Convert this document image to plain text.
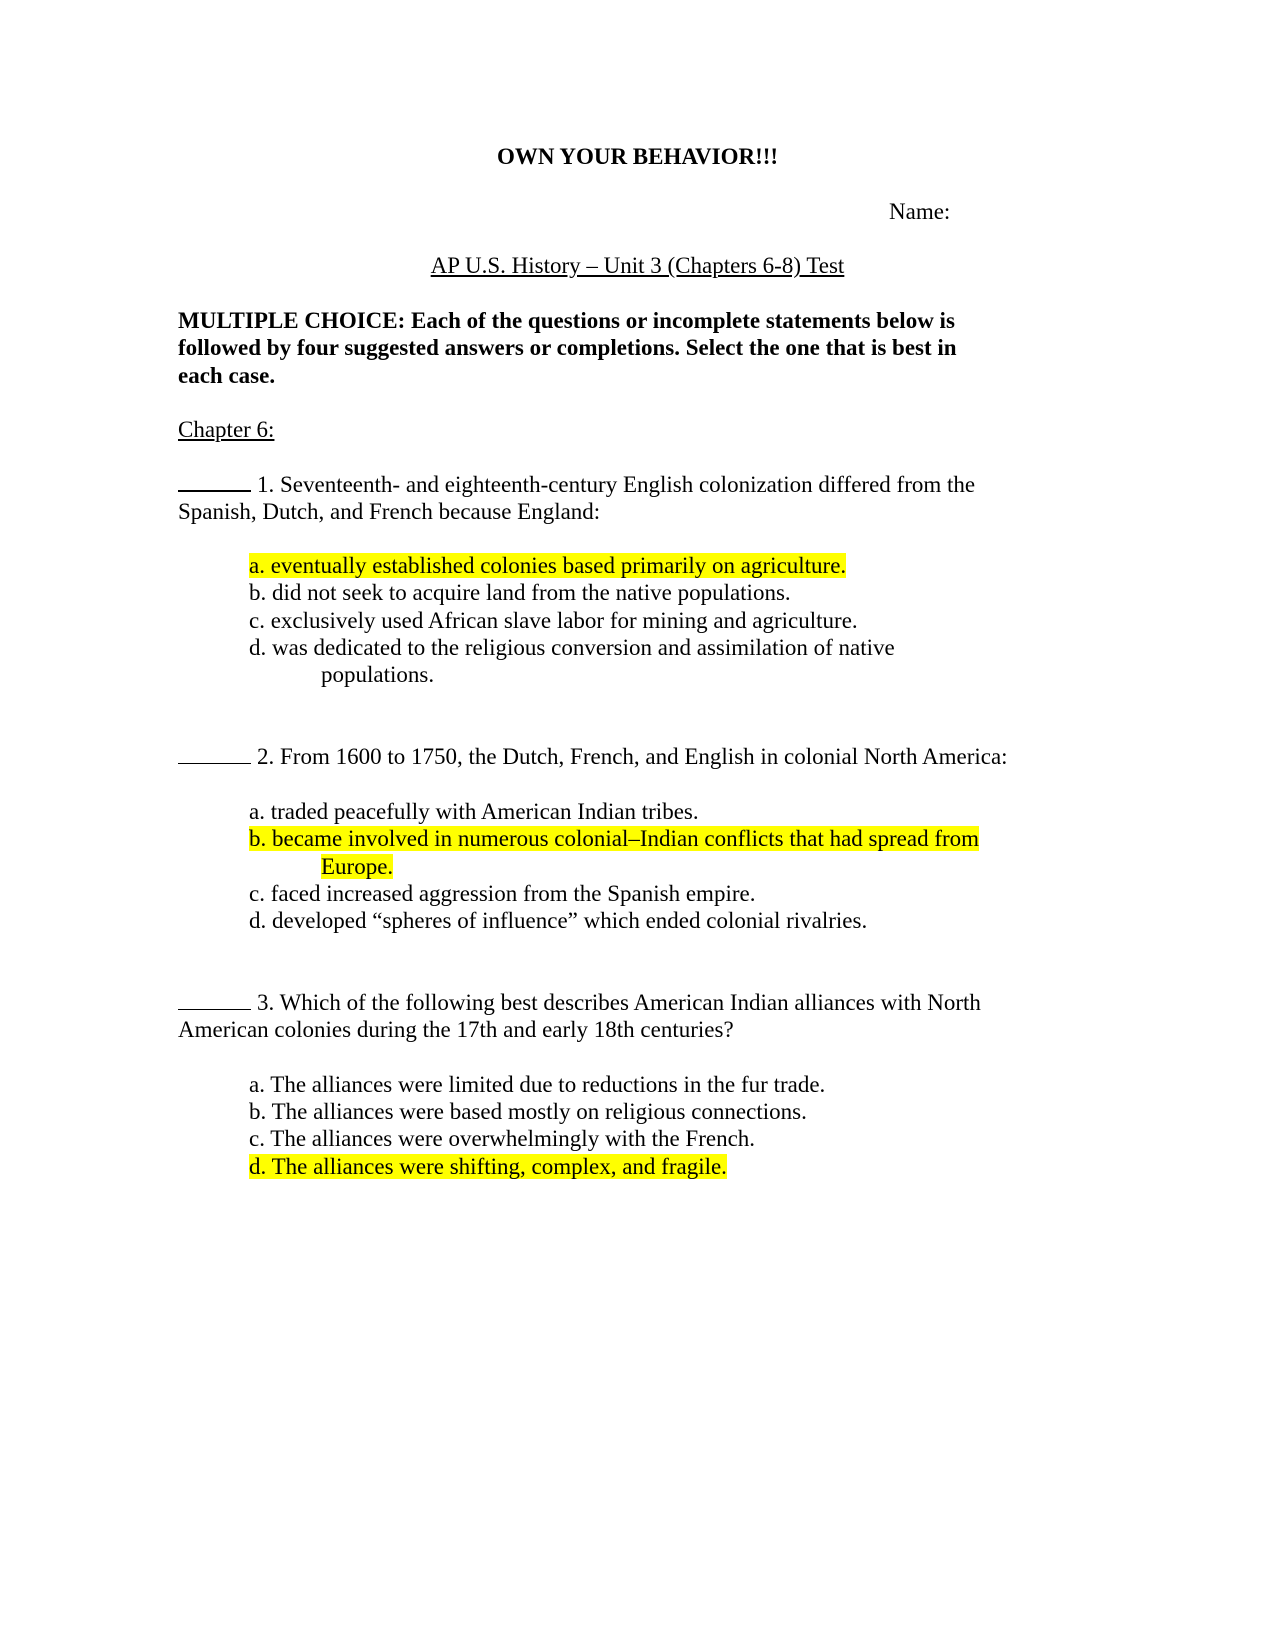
OWN YOUR BEHAVIOR!!!
Name:
AP U.S. History – Unit 3 (Chapters 6-8) Test
MULTIPLE CHOICE: Each of the questions or incomplete statements below is
followed by four suggested answers or completions. Select the one that is best in
each case.
Chapter 6:
1. Seventeenth- and eighteenth-century English colonization differed from the
Spanish, Dutch, and French because England:
a. eventually established colonies based primarily on agriculture.
b. did not seek to acquire land from the native populations.
c. exclusively used African slave labor for mining and agriculture.
d. was dedicated to the religious conversion and assimilation of native
populations.
2. From 1600 to 1750, the Dutch, French, and English in colonial North America:
a. traded peacefully with American Indian tribes.
b. became involved in numerous colonial–Indian conflicts that had spread from
Europe.
c. faced increased aggression from the Spanish empire.
d. developed “spheres of influence” which ended colonial rivalries.
3. Which of the following best describes American Indian alliances with North
American colonies during the 17th and early 18th centuries?
a. The alliances were limited due to reductions in the fur trade.
b. The alliances were based mostly on religious connections.
c. The alliances were overwhelmingly with the French.
d. The alliances were shifting, complex, and fragile.
